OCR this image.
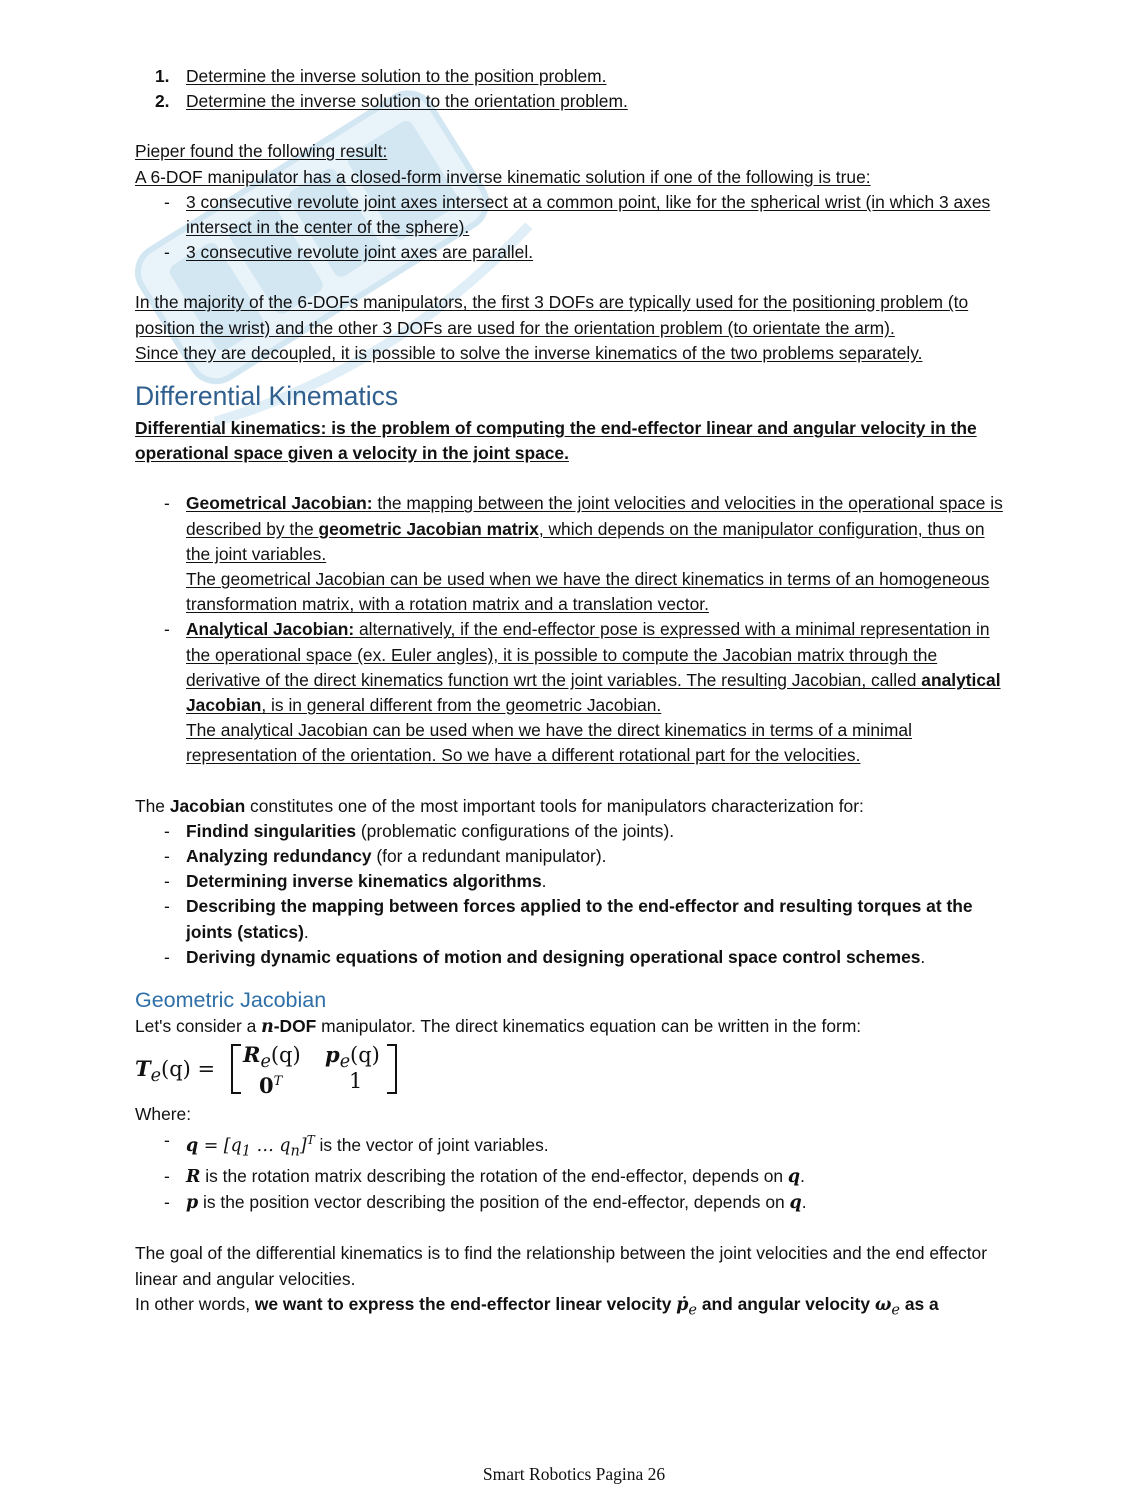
1. Determine the inverse solution to the position problem.
2. Determine the inverse solution to the orientation problem.

Pieper found the following result:

A 6-DOF manipulator has a closed-form inverse kinematic solution if one of the following is true:

- 3 consecutive revolute joint axes intersect at a common point, like for the spherical wrist (in which 3 axes intersect in the center of the sphere).
- 3 consecutive revolute joint axes are parallel.

In the majority of the 6-DOFs manipulators, the first 3 DOFs are typically used for the positioning problem (to position the wrist) and the other 3 DOFs are used for the orientation problem (to orientate the arm).

Since they are decoupled, it is possible to solve the inverse kinematics of the two problems separately.

Differential Kinematics

Differential kinematics: is the problem of computing the end-effector linear and angular velocity in the operational space given a velocity in the joint space.

- Geometrical Jacobian: the mapping between the joint velocities and velocities in the operational space is described by the geometric Jacobian matrix, which depends on the manipulator configuration, thus on the joint variables.
The geometrical Jacobian can be used when we have the direct kinematics in terms of an homogeneous transformation matrix, with a rotation matrix and a translation vector.
- Analytical Jacobian: alternatively, if the end-effector pose is expressed with a minimal representation in the operational space (ex. Euler angles), it is possible to compute the Jacobian matrix through the derivative of the direct kinematics function wrt the joint variables. The resulting Jacobian, called analytical Jacobian, is in general different from the geometric Jacobian.
The analytical Jacobian can be used when we have the direct kinematics in terms of a minimal representation of the orientation. So we have a different rotational part for the velocities.

The Jacobian constitutes one of the most important tools for manipulators characterization for:

- Findind singularities (problematic configurations of the joints).
- Analyzing redundancy (for a redundant manipulator).
- Determining inverse kinematics algorithms.
- Describing the mapping between forces applied to the end-effector and resulting torques at the joints (statics).
- Deriving dynamic equations of motion and designing operational space control schemes.
Geometric Jacobian

Let's consider a n-DOF manipulator. The direct kinematics equation can be written in the form:

$T_e(q)$ =
$R_e(q)$ $p_e(q)$
$0^T$	1

Where:

- $q = [q_1$ … $q_n]^T$ is the vector of joint variables.
- R is the rotation matrix describing the rotation of the end-effector, depends on q.
- p is the position vector describing the position of the end-effector, depends on q.

The goal of the differential kinematics is to find the relationship between the joint velocities and the end effector linear and angular velocities.

In other words, we want to express the end-effector linear velocity ṗ$_e$ and angular velocity $\omega_e$ as a

Smart Robotics Pagina 26
